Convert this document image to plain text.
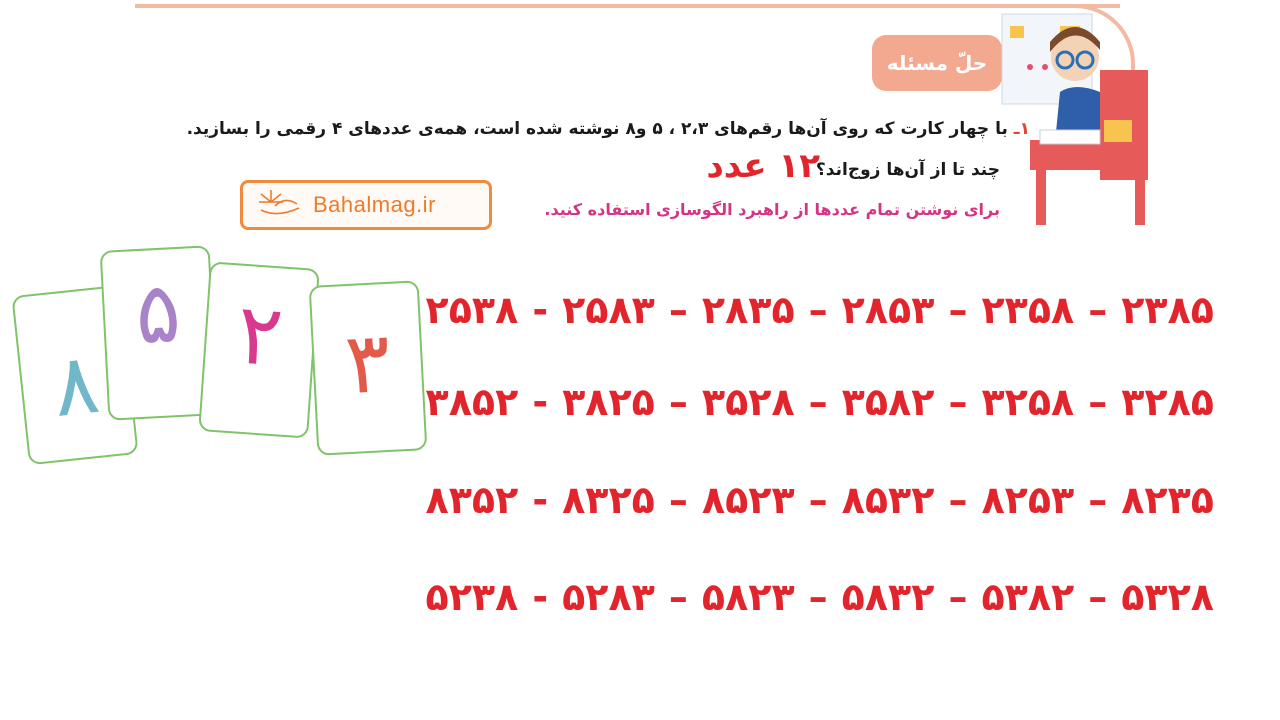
حلّ مسئله
۱ـ با چهار کارت که روی آن‌ها رقم‌های ۲،۳ ، ۵ و۸ نوشته شده است، همه‌ی عددهای ۴ رقمی را بسازید.
چند تا از آن‌ها زوج‌اند؟
۱۲ عدد
برای نوشتن تمام عددها از راهبرد الگوسازی استفاده کنید.
Bahalmag.ir
۸
۵ ۲ ۳
۲۳۸۵–۲۳۵۸–۲۸۵۳–۲۸۳۵–۲۵۳۸ - ۲۵۸۳
۳۲۸۵–۳۲۵۸–۳۵۸۲–۳۵۲۸–۳۸۵۲ - ۳۸۲۵
۸۲۳۵–۸۲۵۳–۸۵۳۲–۸۵۲۳–۸۳۵۲ - ۸۳۲۵
۵۳۲۸–۵۳۸۲–۵۸۳۲–۵۸۲۳–۵۲۳۸ - ۵۲۸۳
